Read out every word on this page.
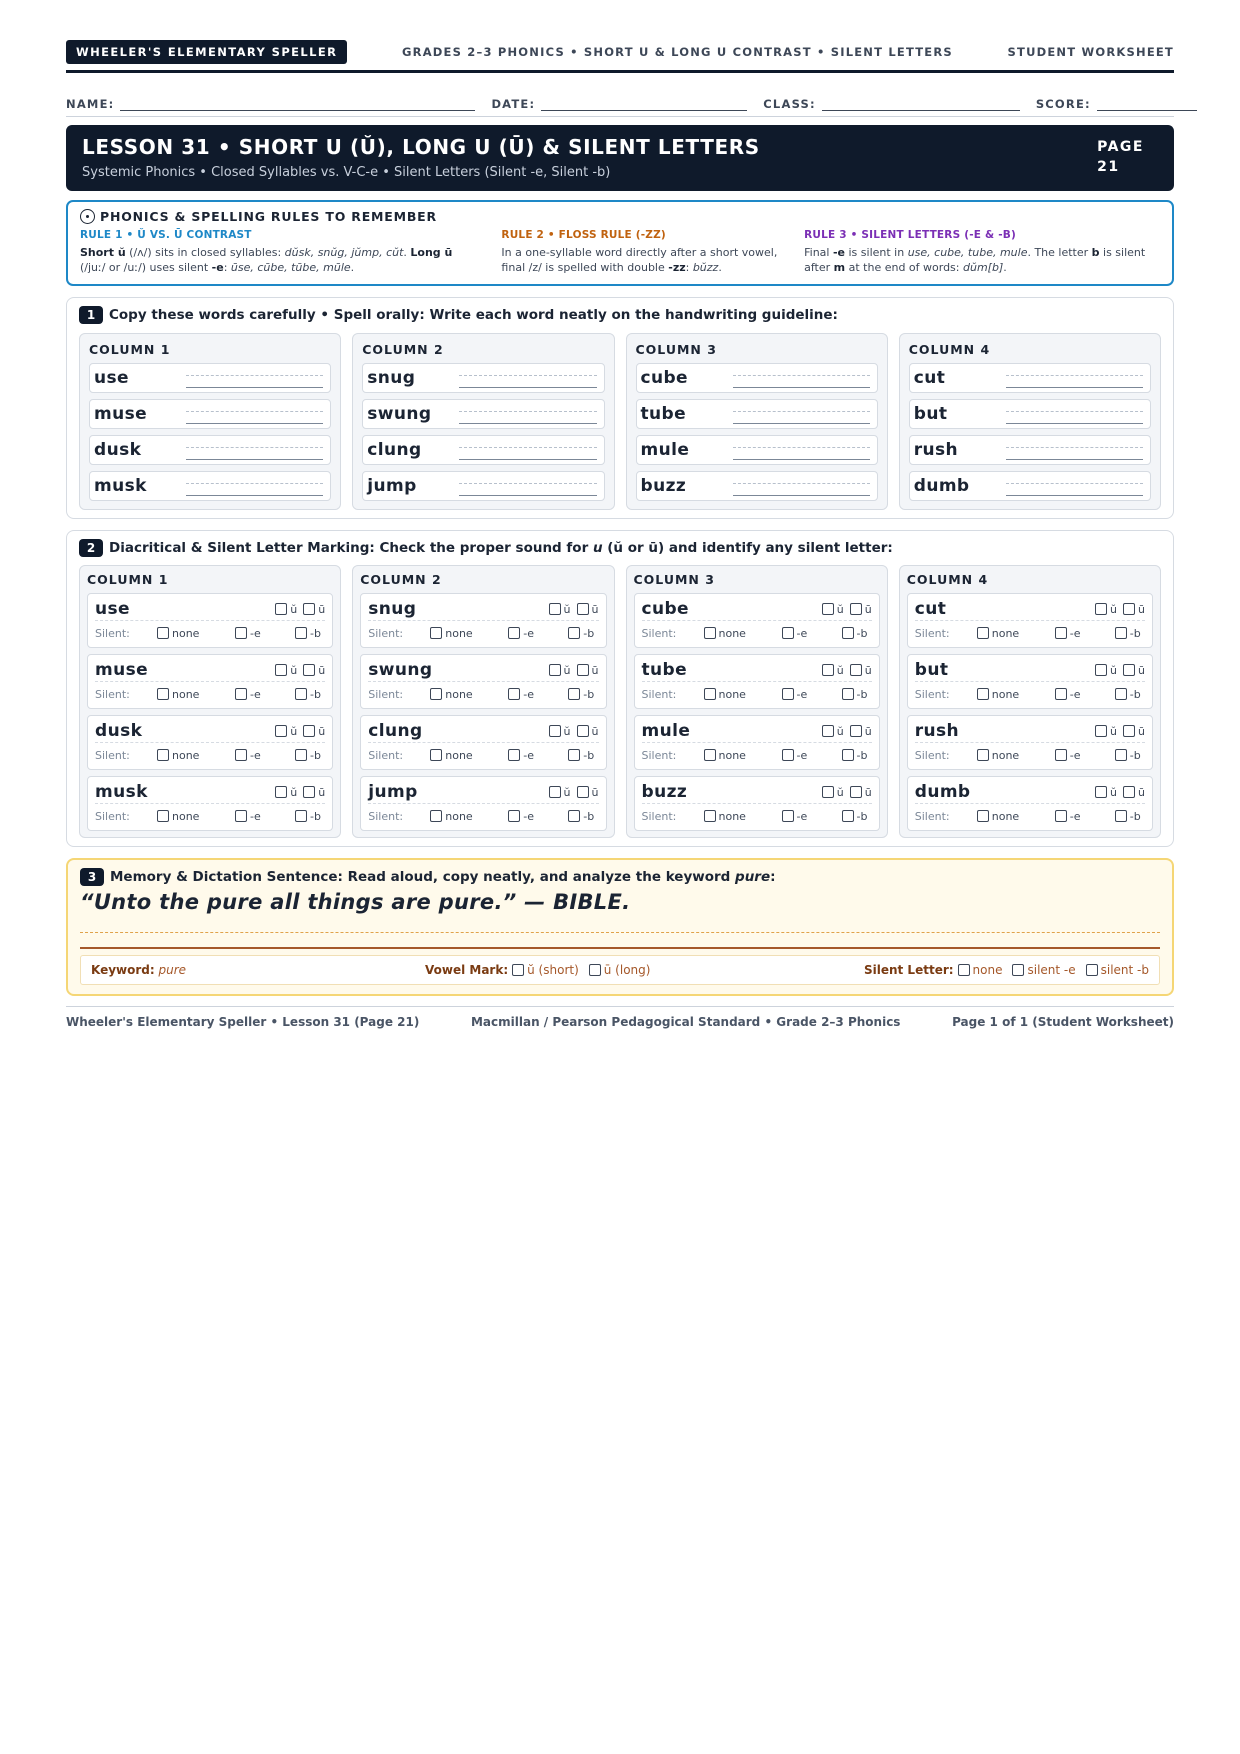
WHEELER'S ELEMENTARY SPELLER	GRADES 2–3 PHONICS • SHORT U & LONG U CONTRAST • SILENT LETTERS	STUDENT WORKSHEET
NAME:	DATE:	CLASS:	SCORE:
LESSON 31 • SHORT U (Ŭ), LONG U (Ū) & SILENT LETTERS
Systemic Phonics • Closed Syllables vs. V-C-e • Silent Letters (Silent -e, Silent -b)
PAGE
21
PHONICS & SPELLING RULES TO REMEMBER
RULE 1 • Ŭ VS. Ū CONTRAST
Short ŭ (/ʌ/) sits in closed syllables: dŭsk, snŭg, jŭmp, cŭt. Long ū (/juː/ or /uː/) uses silent -e: ūse, cūbe, tūbe, mūle.
RULE 2 • FLOSS RULE (-ZZ)
In a one-syllable word directly after a short vowel, final /z/ is spelled with double -zz: bŭzz.
RULE 3 • SILENT LETTERS (-E & -B)
Final -e is silent in use, cube, tube, mule. The letter b is silent after m at the end of words: dŭm[b].
1	Copy these words carefully • Spell orally: Write each word neatly on the handwriting guideline:
COLUMN 1
use
muse
dusk
musk
COLUMN 2
snug
swung
clung
jump
COLUMN 3
cube
tube
mule
buzz
COLUMN 4
cut
but
rush
dumb
2	Diacritical & Silent Letter Marking: Check the proper sound for u (ŭ or ū) and identify any silent letter:
COLUMN 1
use	ŭ ū
Silent:	none	-e	-b
muse	ŭ ū
Silent:	none	-e	-b
dusk	ŭ ū
Silent:	none	-e	-b
musk	ŭ ū
Silent:	none	-e	-b
COLUMN 2
snug	ŭ ū
Silent:	none	-e	-b
swung	ŭ ū
Silent:	none	-e	-b
clung	ŭ ū
Silent:	none	-e	-b
jump	ŭ ū
Silent:	none	-e	-b
COLUMN 3
cube	ŭ ū
Silent:	none	-e	-b
tube	ŭ ū
Silent:	none	-e	-b
mule	ŭ ū
Silent:	none	-e	-b
buzz	ŭ ū
Silent:	none	-e	-b
COLUMN 4
cut	ŭ ū
Silent:	none	-e	-b
but	ŭ ū
Silent:	none	-e	-b
rush	ŭ ū
Silent:	none	-e	-b
dumb	ŭ ū
Silent:	none	-e	-b
3	Memory & Dictation Sentence: Read aloud, copy neatly, and analyze the keyword pure:
“Unto the pure all things are pure.” — BIBLE.
Keyword: pure	Vowel Mark: ŭ (short) ū (long)	Silent Letter: none silent -e silent -b
Wheeler's Elementary Speller • Lesson 31 (Page 21)	Macmillan / Pearson Pedagogical Standard • Grade 2–3 Phonics	Page 1 of 1 (Student Worksheet)
